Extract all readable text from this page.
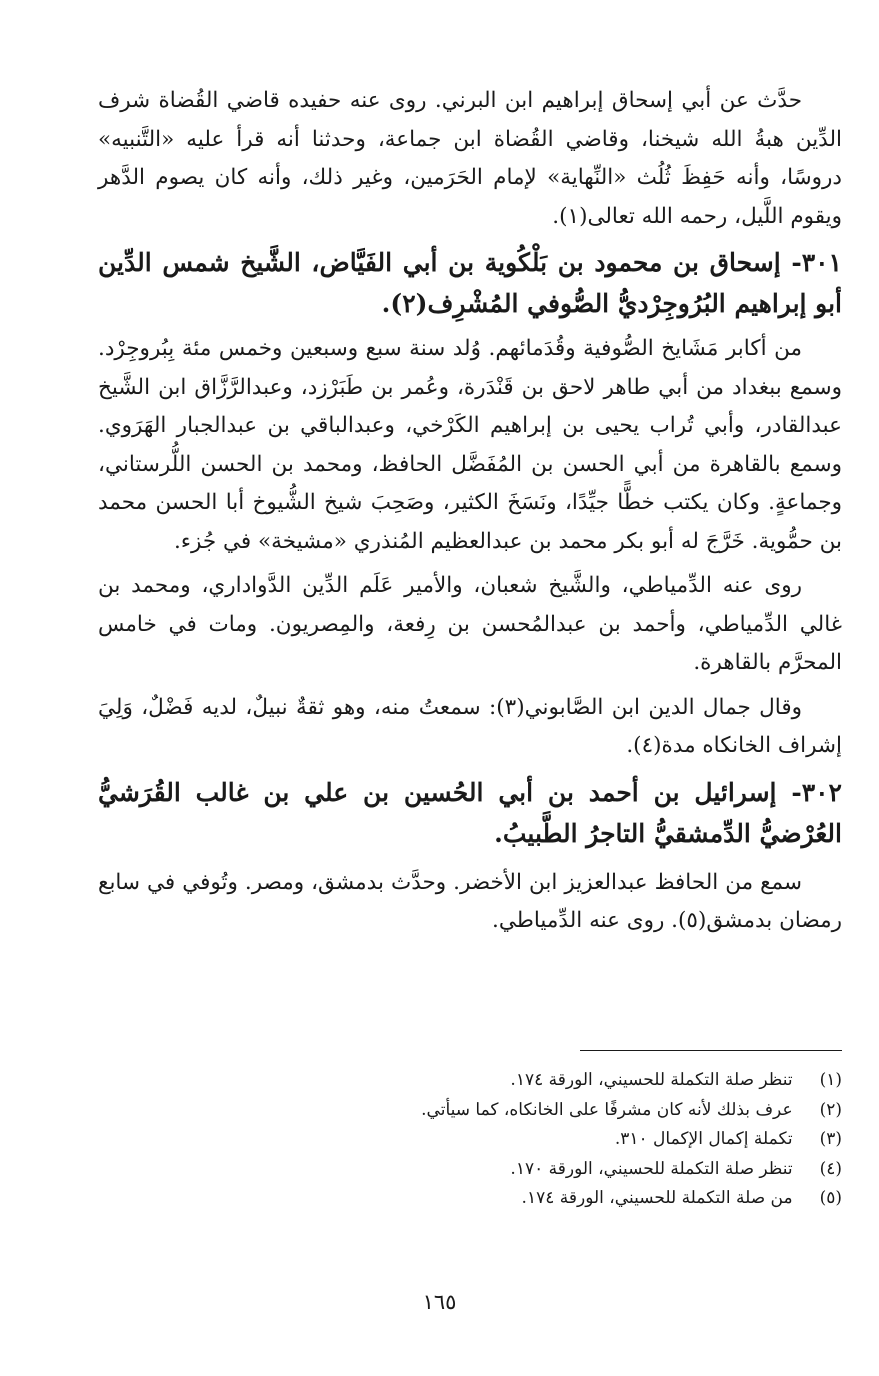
حدَّث عن أبي إسحاق إبراهيم ابن البرني. روى عنه حفيده قاضي القُضاة شرف الدِّين هبةُ الله شيخنا، وقاضي القُضاة ابن جماعة، وحدثنا أنه قرأ عليه «التَّنبيه» دروسًا، وأنه حَفِظَ ثُلُث «النِّهاية» لإمام الحَرَمين، وغير ذلك، وأنه كان يصوم الدَّهر ويقوم اللَّيل، رحمه الله تعالى(١).

٣٠١- إسحاق بن محمود بن بَلْكُوية بن أبي الفَيَّاض، الشَّيخ شمس الدِّين أبو إبراهيم البُرُوجِرْديُّ الصُّوفي المُشْرِف(٢).

من أكابر مَشَايخ الصُّوفية وقُدَمائهم. وُلد سنة سبع وسبعين وخمس مئة بِبُروجِرْد. وسمع ببغداد من أبي طاهر لاحق بن قَنْدَرة، وعُمر بن طَبَرْزد، وعبدالرَّزَّاق ابن الشَّيخ عبدالقادر، وأبي تُراب يحيى بن إبراهيم الكَرْخي، وعبدالباقي بن عبدالجبار الهَرَوي. وسمع بالقاهرة من أبي الحسن بن المُفَضَّل الحافظ، ومحمد بن الحسن اللُّرستاني، وجماعةٍ. وكان يكتب خطًّا جيِّدًا، ونَسَخَ الكثير، وصَحِبَ شيخ الشُّيوخ أبا الحسن محمد بن حمُّوية. خَرَّجَ له أبو بكر محمد بن عبدالعظيم المُنذري «مشيخة» في جُزء.

روى عنه الدِّمياطي، والشَّيخ شعبان، والأمير عَلَم الدِّين الدَّواداري، ومحمد بن غالي الدِّمياطي، وأحمد بن عبدالمُحسن بن رِفعة، والمِصريون. ومات في خامس المحرَّم بالقاهرة.

وقال جمال الدين ابن الصَّابوني(٣): سمعتُ منه، وهو ثقةٌ نبيلٌ، لديه فَضْلٌ، وَلِيَ إشراف الخانكاه مدة(٤).

٣٠٢- إسرائيل بن أحمد بن أبي الحُسين بن علي بن غالب القُرَشيُّ العُرْضيُّ الدِّمشقيُّ التاجرُ الطَّبيبُ.

سمع من الحافظ عبدالعزيز ابن الأخضر. وحدَّث بدمشق، ومصر. وتُوفي في سابع رمضان بدمشق(٥). روى عنه الدِّمياطي.

(١) تنظر صلة التكملة للحسيني، الورقة ١٧٤.
(٢) عرف بذلك لأنه كان مشرفًا على الخانكاه، كما سيأتي.
(٣) تكملة إكمال الإكمال ٣١٠.
(٤) تنظر صلة التكملة للحسيني، الورقة ١٧٠.
(٥) من صلة التكملة للحسيني، الورقة ١٧٤.
١٦٥
